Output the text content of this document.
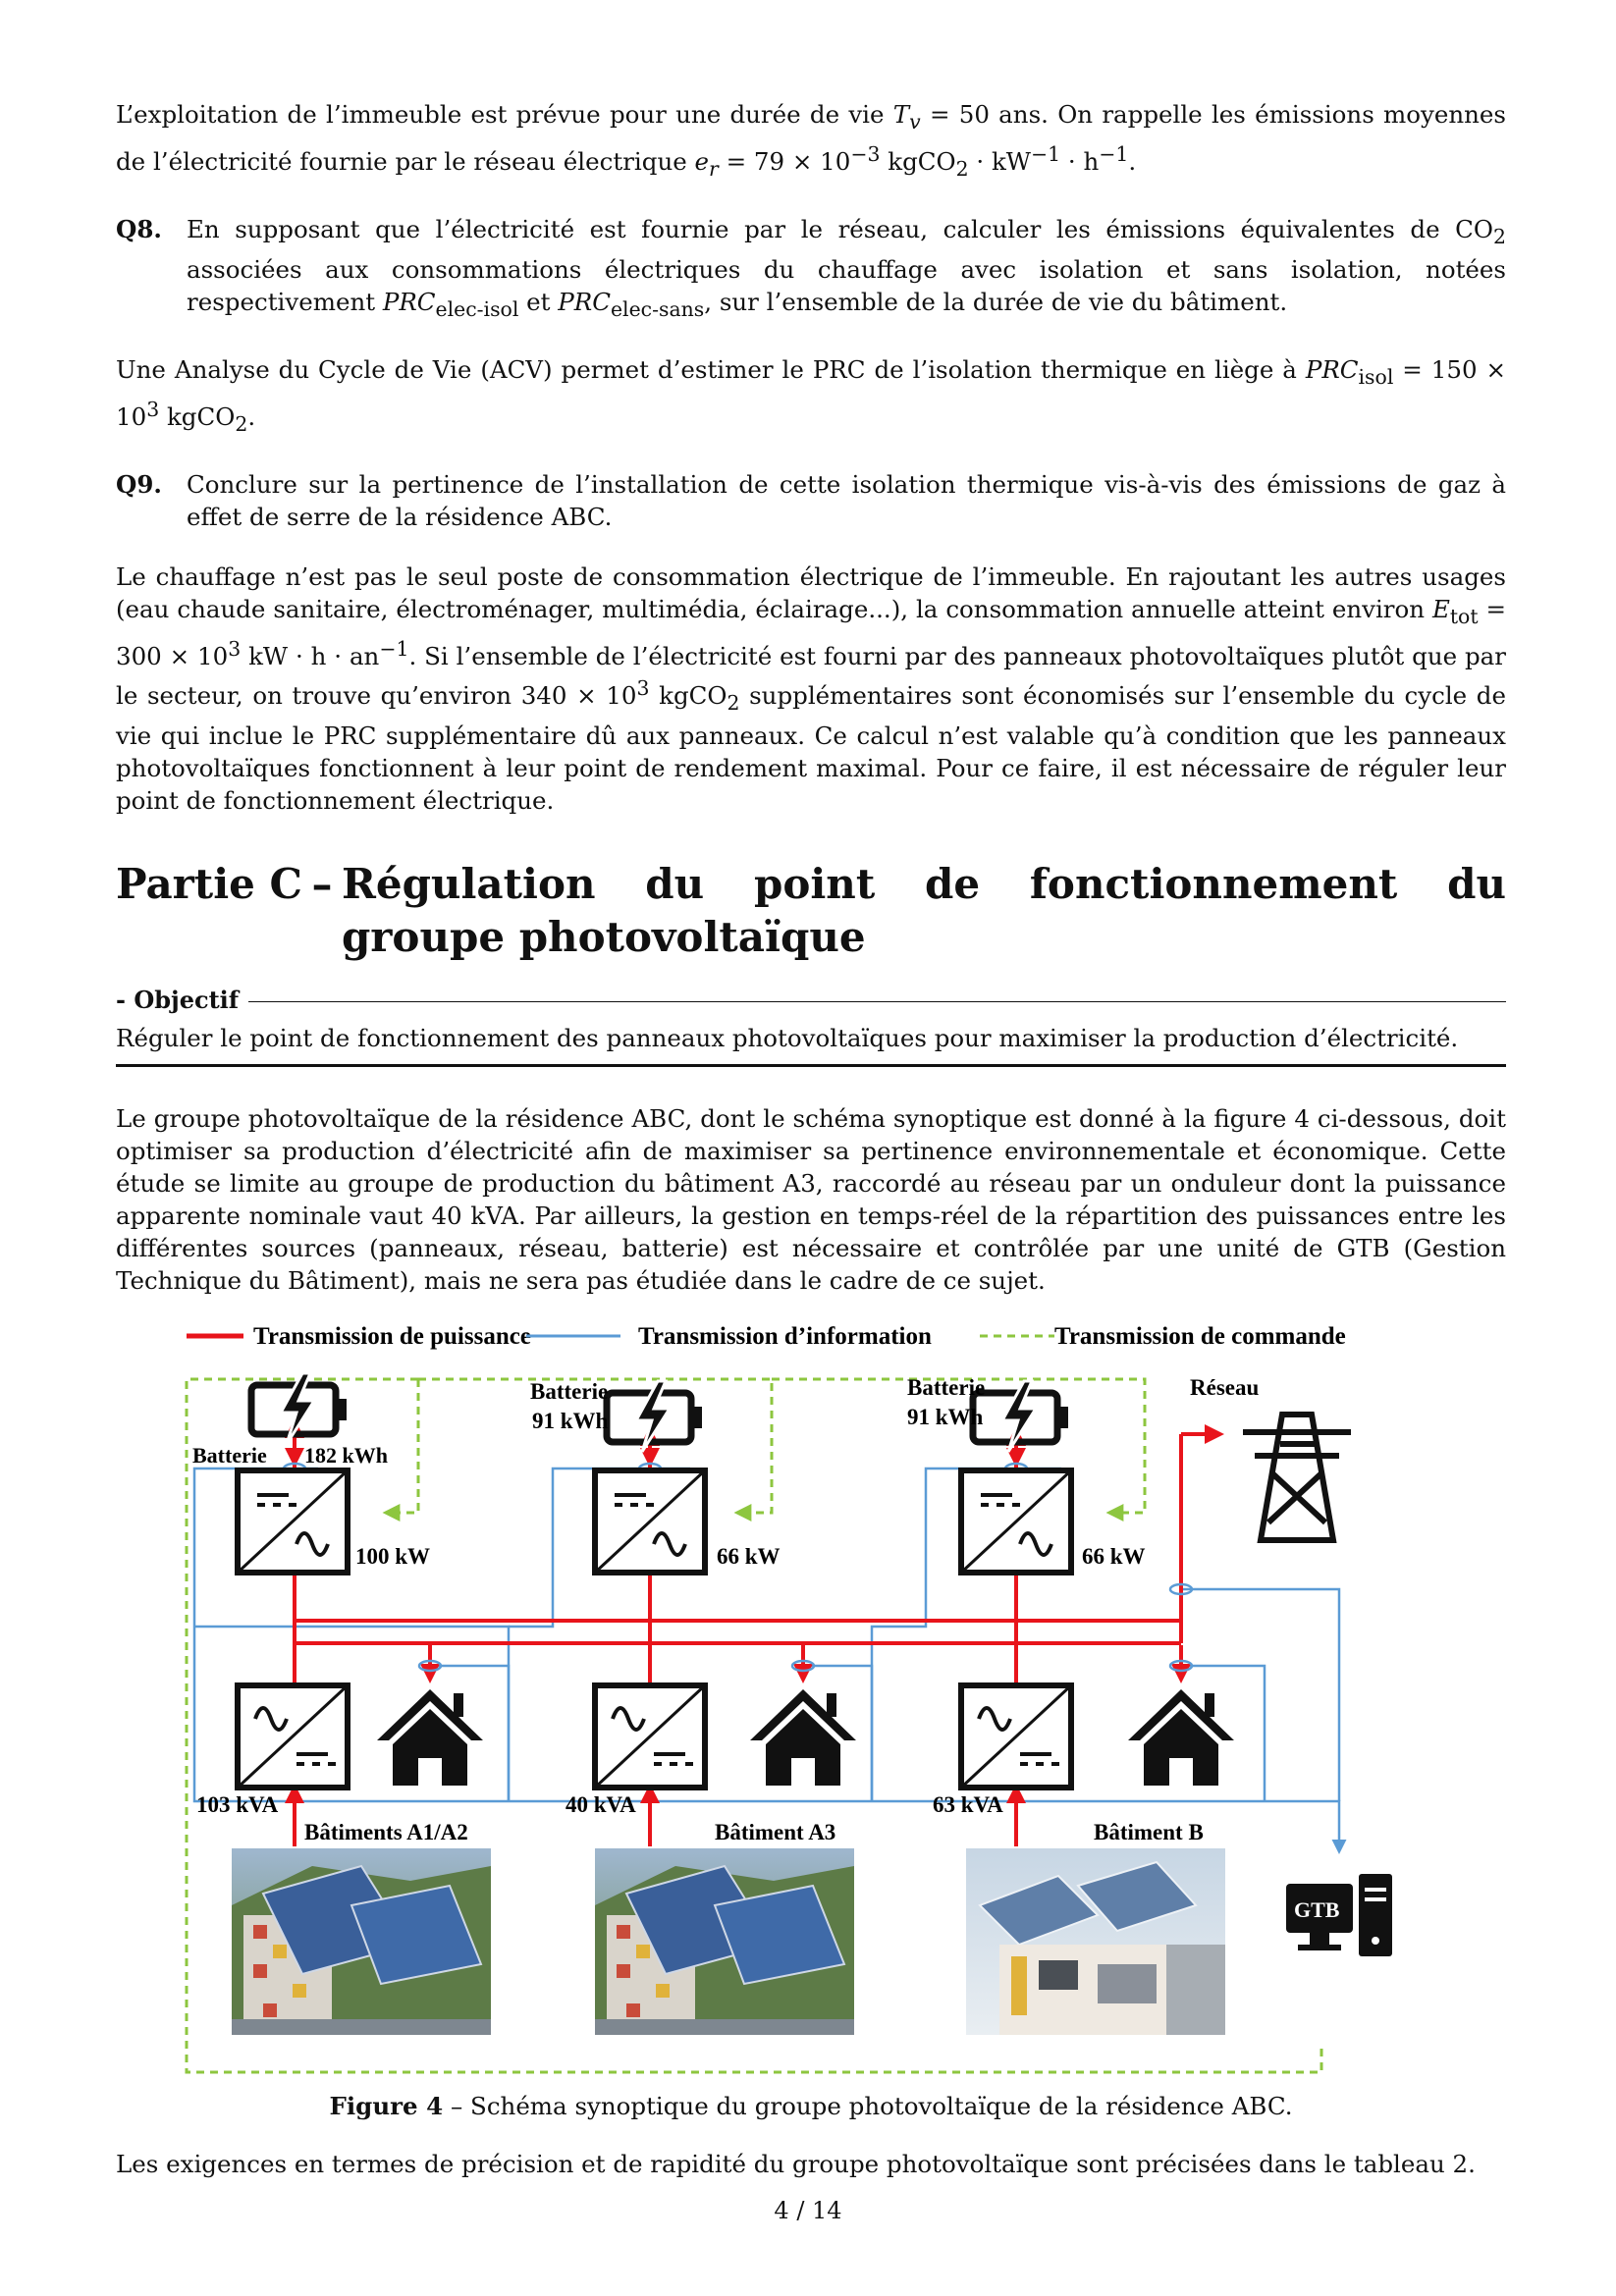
L’exploitation de l’immeuble est prévue pour une durée de vie $T_v = 50$ ans. On rappelle les émissions moyennes de l’électricité fournie par le réseau électrique $e_r = 79 \times 10^{-3}$ kgCO$_2$ · $kW^{-1} \cdot h^{-1}$.

Q8.	En supposant que l’électricité est fournie par le réseau, calculer les émissions équivalentes de $CO_2$ associées aux consommations électriques du chauffage avec isolation et sans isolation, notées respectivement $PRC_{elec-isol}$ et $PRC_{elec-sans}$, sur l’ensemble de la durée de vie du bâtiment.

Une Analyse du Cycle de Vie (ACV) permet d’estimer le PRC de l’isolation thermique en liège à $PRC_{isol} = 150 \times 10^3$ kgCO$_2$.

Q9.	Conclure sur la pertinence de l’installation de cette isolation thermique vis-à-vis des émissions de gaz à effet de serre de la résidence ABC.

Le chauffage n’est pas le seul poste de consommation électrique de l’immeuble. En rajoutant les autres usages (eau chaude sanitaire, électroménager, multimédia, éclairage...), la consommation annuelle atteint environ $E_{tot} = 300 \times 10^3$ kW · $h \cdot an^{-1}$. Si l’ensemble de l’électricité est fourni par des panneaux photovoltaïques plutôt que par le secteur, on trouve qu’environ $340 \times 10^3$ kgCO$_2$ supplémentaires sont économisés sur l’ensemble du cycle de vie qui inclue le PRC supplémentaire dû aux panneaux. Ce calcul n’est valable qu’à condition que les panneaux photovoltaïques fonctionnent à leur point de rendement maximal. Pour ce faire, il est nécessaire de réguler leur point de fonctionnement électrique.

Partie C – Régulation du point de fonctionnement du groupe photovoltaïque
- Objectif
Réguler le point de fonctionnement des panneaux photovoltaïques pour maximiser la production d’électricité.

Le groupe photovoltaïque de la résidence ABC, dont le schéma synoptique est donné à la figure 4 ci-dessous, doit optimiser sa production d’électricité afin de maximiser sa pertinence environnementale et économique. Cette étude se limite au groupe de production du bâtiment A3, raccordé au réseau par un onduleur dont la puissance apparente nominale vaut 40 kVA. Par ailleurs, la gestion en temps-réel de la répartition des puissances entre les différentes sources (panneaux, réseau, batterie) est nécessaire et contrôlée par une unité de GTB (Gestion Technique du Bâtiment), mais ne sera pas étudiée dans le cadre de ce sujet.

Transmission de puissance	Transmission d’information	Transmission de commande
Batterie 182 kWh
Batterie
91 kWh
Batterie
91 kWh
Réseau
100 kW	66 kW	66 kW
103 kVA	40 kVA	63 kVA
Bâtiments A1/A2	Bâtiment A3	Bâtiment B
GTB
Figure 4 – Schéma synoptique du groupe photovoltaïque de la résidence ABC.

Les exigences en termes de précision et de rapidité du groupe photovoltaïque sont précisées dans le tableau 2.

4 / 14
